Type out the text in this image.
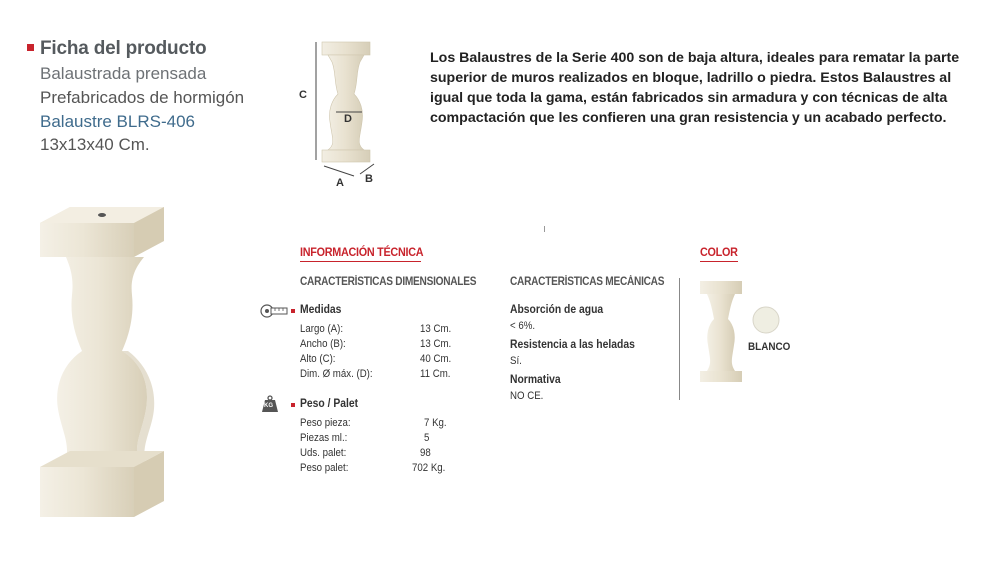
Ficha del producto
Balaustrada prensada
Prefabricados de hormigón
Balaustre BLRS-406
13x13x40 Cm.
C
D
A B
Los Balaustres de la Serie 400 son de baja altura, ideales para rematar la parte superior de muros realizados en bloque, ladrillo o piedra. Estos Balaustres al igual que toda la gama, están fabricados sin armadura y con técnicas de alta compactación que les confieren una gran resistencia y un acabado perfecto.
INFORMACIÓN TÉCNICA
CARACTERÍSTICAS DIMENSIONALES	CARACTERÍSTICAS MECÁNICAS
Medidas
Largo (A):	13 Cm.
Ancho (B):	13 Cm.
Alto (C):	40 Cm.
Dim. Ø máx. (D):	11 Cm.
KG Peso / Palet
Peso pieza:	7 Kg.
Piezas ml.:	5
Uds. palet:	98
Peso palet:	702 Kg.
Absorción de agua
< 6%.
Resistencia a las heladas
Sí.
Normativa
NO CE.
COLOR
BLANCO
